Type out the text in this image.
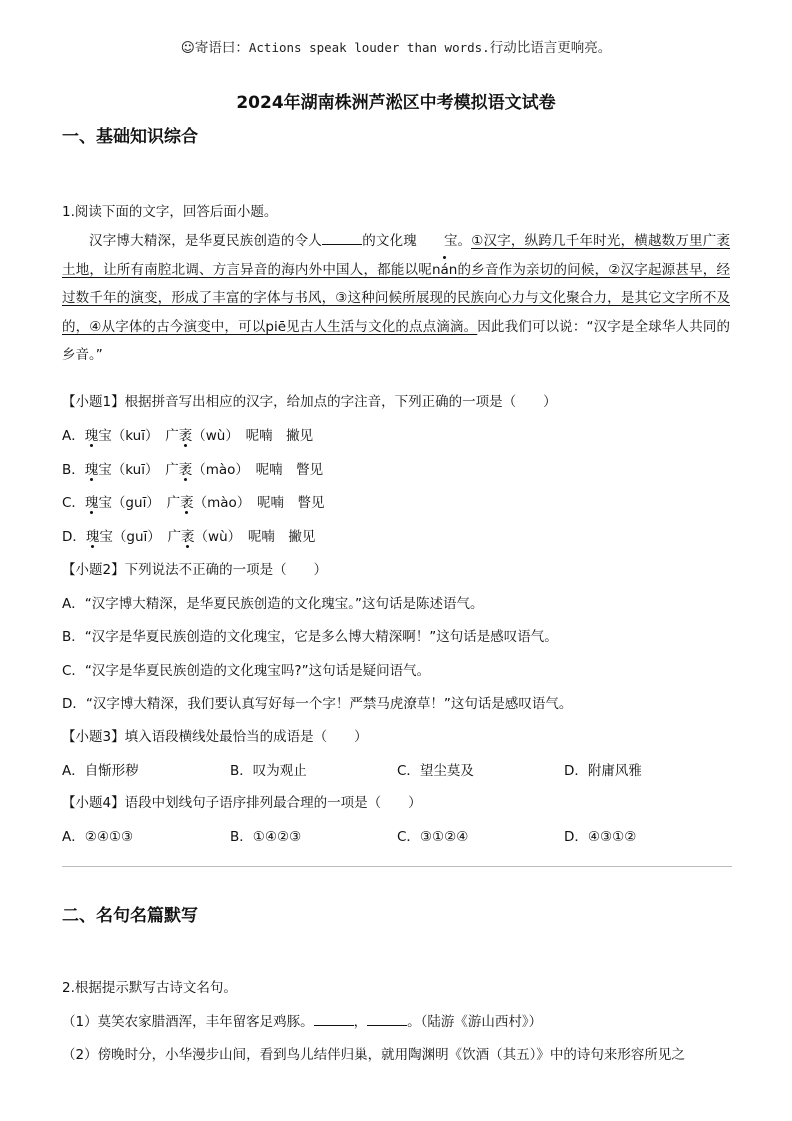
☺寄语曰：Actions speak louder than words.行动比语言更响亮。
2024年湖南株洲芦淞区中考模拟语文试卷
一、基础知识综合
1.阅读下面的文字，回答后面小题。
汉字博大精深，是华夏民族创造的令人	的文化瑰 宝。①汉字，纵跨几千年时光，横越数万里广袤土地，让所有南腔北调、方言异音的海内外中国人，都能以呢nán的乡音作为亲切的问候，②汉字起源甚早，经过数千年的演变，形成了丰富的字体与书风，③这种问候所展现的民族向心力与文化聚合力，是其它文字所不及的，④从字体的古今演变中，可以piē见古人生活与文化的点点滴滴。因此我们可以说：“汉字是全球华人共同的乡音。”
【小题1】根据拼音写出相应的汉字，给加点的字注音，下列正确的一项是（　　）
A．瑰宝（kuī）　 广袤（wù）　 呢喃　 撇见
B．瑰宝（kuī）　 广袤（mào）　 呢喃　 瞥见
C．瑰宝（guī）　 广袤（mào）　 呢喃　 瞥见
D．瑰宝（guī）　 广袤（wù）　 呢喃　 撇见
【小题2】下列说法不正确的一项是（　　）
A．“汉字博大精深，是华夏民族创造的文化瑰宝。”这句话是陈述语气。
B．“汉字是华夏民族创造的文化瑰宝，它是多么博大精深啊！”这句话是感叹语气。
C．“汉字是华夏民族创造的文化瑰宝吗?”这句话是疑问语气。
D．“汉字博大精深，我们要认真写好每一个字！严禁马虎潦草！”这句话是感叹语气。
【小题3】填入语段横线处最恰当的成语是（　　）
A．自惭形秽	B．叹为观止	C．望尘莫及	D．附庸风雅
【小题4】语段中划线句子语序排列最合理的一项是（　　）
A．②④①③	B．①④②③	C．③①②④	D．④③①②
二、名句名篇默写
2.根据提示默写古诗文名句。
（1）莫笑农家腊酒浑，丰年留客足鸡豚。	，	。（陆游《游山西村》）
（2）傍晚时分，小华漫步山间，看到鸟儿结伴归巢，就用陶渊明《饮酒（其五）》中的诗句来形容所见之
